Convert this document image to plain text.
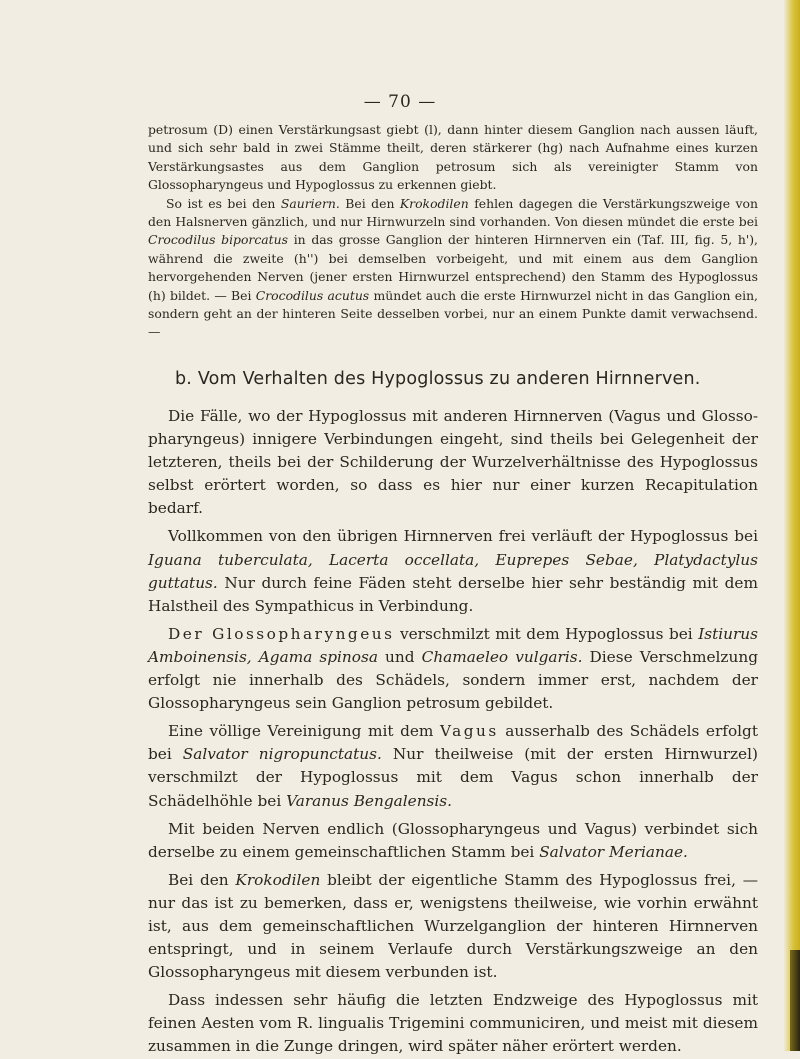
— 70 —

petrosum (D) einen Verstärkungsast giebt (l), dann hinter diesem Ganglion nach aussen läuft, und sich sehr bald in zwei Stämme theilt, deren stärkerer (hg) nach Aufnahme eines kurzen Verstärkungsastes aus dem Ganglion petrosum sich als vereinigter Stamm von Glossopharyngeus und Hypoglossus zu erkennen giebt.

So ist es bei den Sauriern. Bei den Krokodilen fehlen dagegen die Verstärkungszweige von den Halsnerven gänzlich, und nur Hirnwurzeln sind vorhanden. Von diesen mündet die erste bei Crocodilus biporcatus in das grosse Ganglion der hinteren Hirnnerven ein (Taf. III, fig. 5, h'), während die zweite (h'') bei demselben vorbeigeht, und mit einem aus dem Ganglion hervorgehenden Nerven (jener ersten Hirnwurzel entsprechend) den Stamm des Hypoglossus (h) bildet. — Bei Crocodilus acutus mündet auch die erste Hirnwurzel nicht in das Ganglion ein, sondern geht an der hinteren Seite desselben vorbei, nur an einem Punkte damit verwachsend. —

b. Vom Verhalten des Hypoglossus zu anderen Hirnnerven.

Die Fälle, wo der Hypoglossus mit anderen Hirnnerven (Vagus und Glosso-pharyngeus) innigere Verbindungen eingeht, sind theils bei Gelegenheit der letzteren, theils bei der Schilderung der Wurzelverhältnisse des Hypoglossus selbst erörtert worden, so dass es hier nur einer kurzen Recapitulation bedarf.

Vollkommen von den übrigen Hirnnerven frei verläuft der Hypoglossus bei Iguana tuberculata, Lacerta occellata, Euprepes Sebae, Platydactylus guttatus. Nur durch feine Fäden steht derselbe hier sehr beständig mit dem Halstheil des Sympathicus in Verbindung.

Der Glossopharyngeus verschmilzt mit dem Hypoglossus bei Istiurus Amboinensis, Agama spinosa und Chamaeleo vulgaris. Diese Verschmelzung erfolgt nie innerhalb des Schädels, sondern immer erst, nachdem der Glossopharyngeus sein Ganglion petrosum gebildet.

Eine völlige Vereinigung mit dem Vagus ausserhalb des Schädels erfolgt bei Salvator nigropunctatus. Nur theilweise (mit der ersten Hirnwurzel) verschmilzt der Hypoglossus mit dem Vagus schon innerhalb der Schädelhöhle bei Varanus Bengalensis.

Mit beiden Nerven endlich (Glossopharyngeus und Vagus) verbindet sich derselbe zu einem gemeinschaftlichen Stamm bei Salvator Merianae.

Bei den Krokodilen bleibt der eigentliche Stamm des Hypoglossus frei, — nur das ist zu bemerken, dass er, wenigstens theilweise, wie vorhin erwähnt ist, aus dem gemeinschaftlichen Wurzelganglion der hinteren Hirnnerven entspringt, und in seinem Verlaufe durch Verstärkungszweige an den Glossopharyngeus mit diesem verbunden ist.

Dass indessen sehr häufig die letzten Endzweige des Hypoglossus mit feinen Aesten vom R. lingualis Trigemini communiciren, und meist mit diesem zusammen in die Zunge dringen, wird später näher erörtert werden.
